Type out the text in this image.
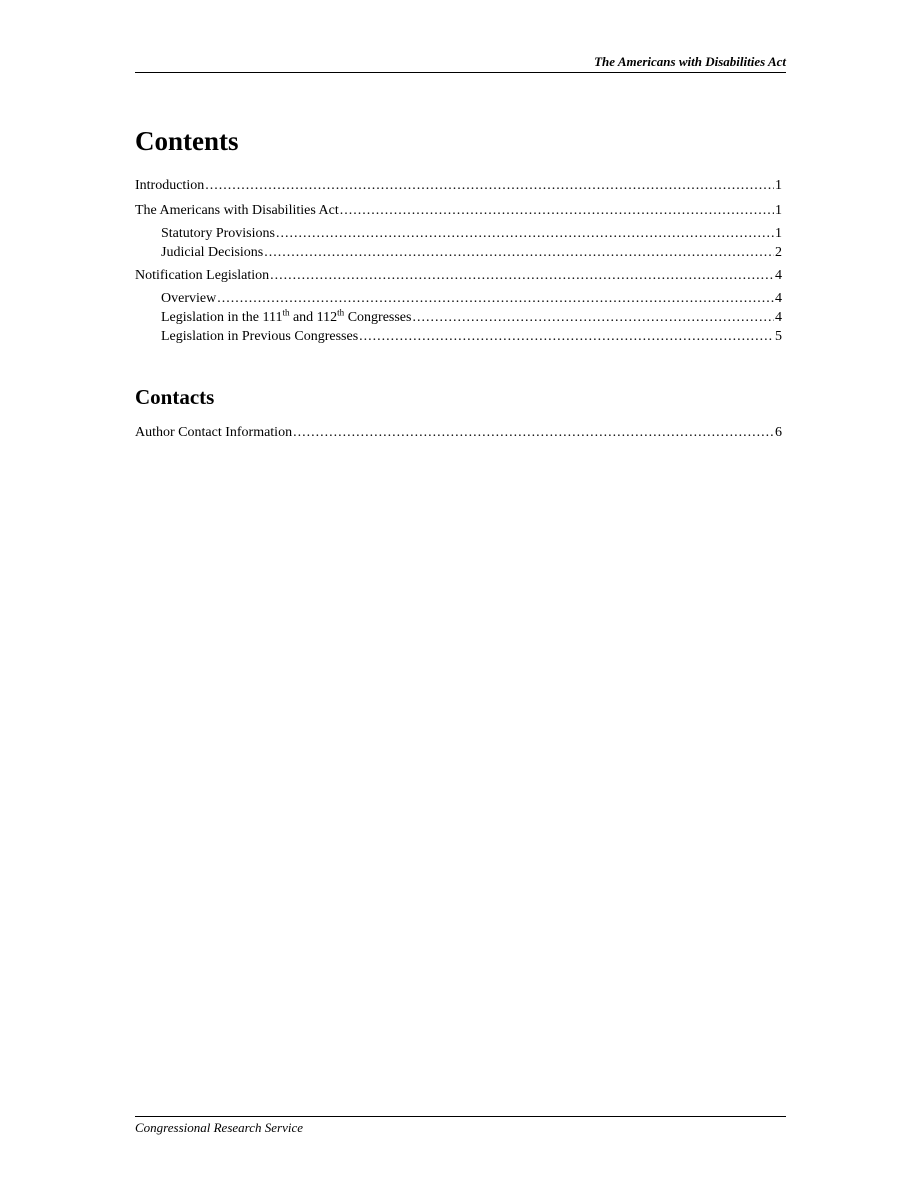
The Americans with Disabilities Act
Contents
Introduction .....	1
The Americans with Disabilities Act .....	1
Statutory Provisions .....	1
Judicial Decisions .....	2
Notification Legislation .....	4
Overview .....	4
Legislation in the 111th and 112th Congresses .....	4
Legislation in Previous Congresses .....	5
Contacts
Author Contact Information .....	6
Congressional Research Service
